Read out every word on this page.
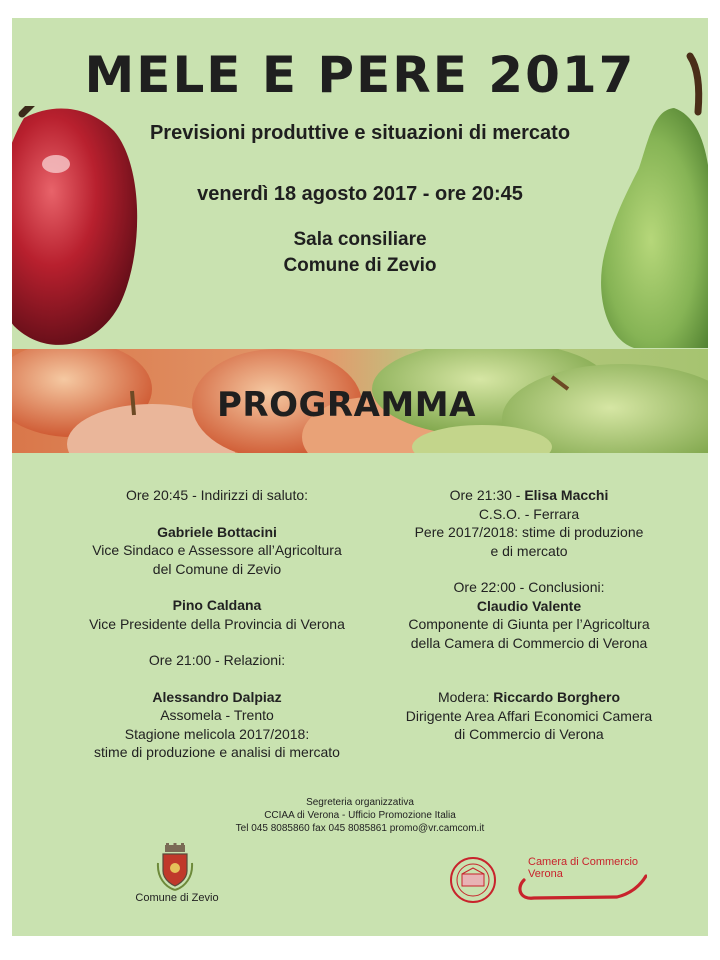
MELE E PERE 2017
Previsioni produttive e situazioni di mercato
venerdì 18 agosto 2017 - ore 20:45
Sala consiliare
Comune di Zevio
PROGRAMMA

Ore 20:45 - Indirizzi di saluto:

Gabriele Bottacini

Vice Sindaco e Assessore all’Agricoltura

del Comune di Zevio

Pino Caldana

Vice Presidente della Provincia di Verona

Ore 21:00 - Relazioni:

Alessandro Dalpiaz

Assomela - Trento

Stagione melicola 2017/2018:

stime di produzione e analisi di mercato

Ore 21:30 - Elisa Macchi

C.S.O. - Ferrara

Pere 2017/2018: stime di produzione

e di mercato

Ore 22:00 - Conclusioni:

Claudio Valente

Componente di Giunta per l’Agricoltura

della Camera di Commercio di Verona

Modera: Riccardo Borghero

Dirigente Area Affari Economici Camera

di Commercio di Verona

Segreteria organizzativa
CCIAA di Verona - Ufficio Promozione Italia
Tel 045 8085860 fax 045 8085861 promo@vr.camcom.it
Comune di Zevio
Camera di Commercio
Verona
